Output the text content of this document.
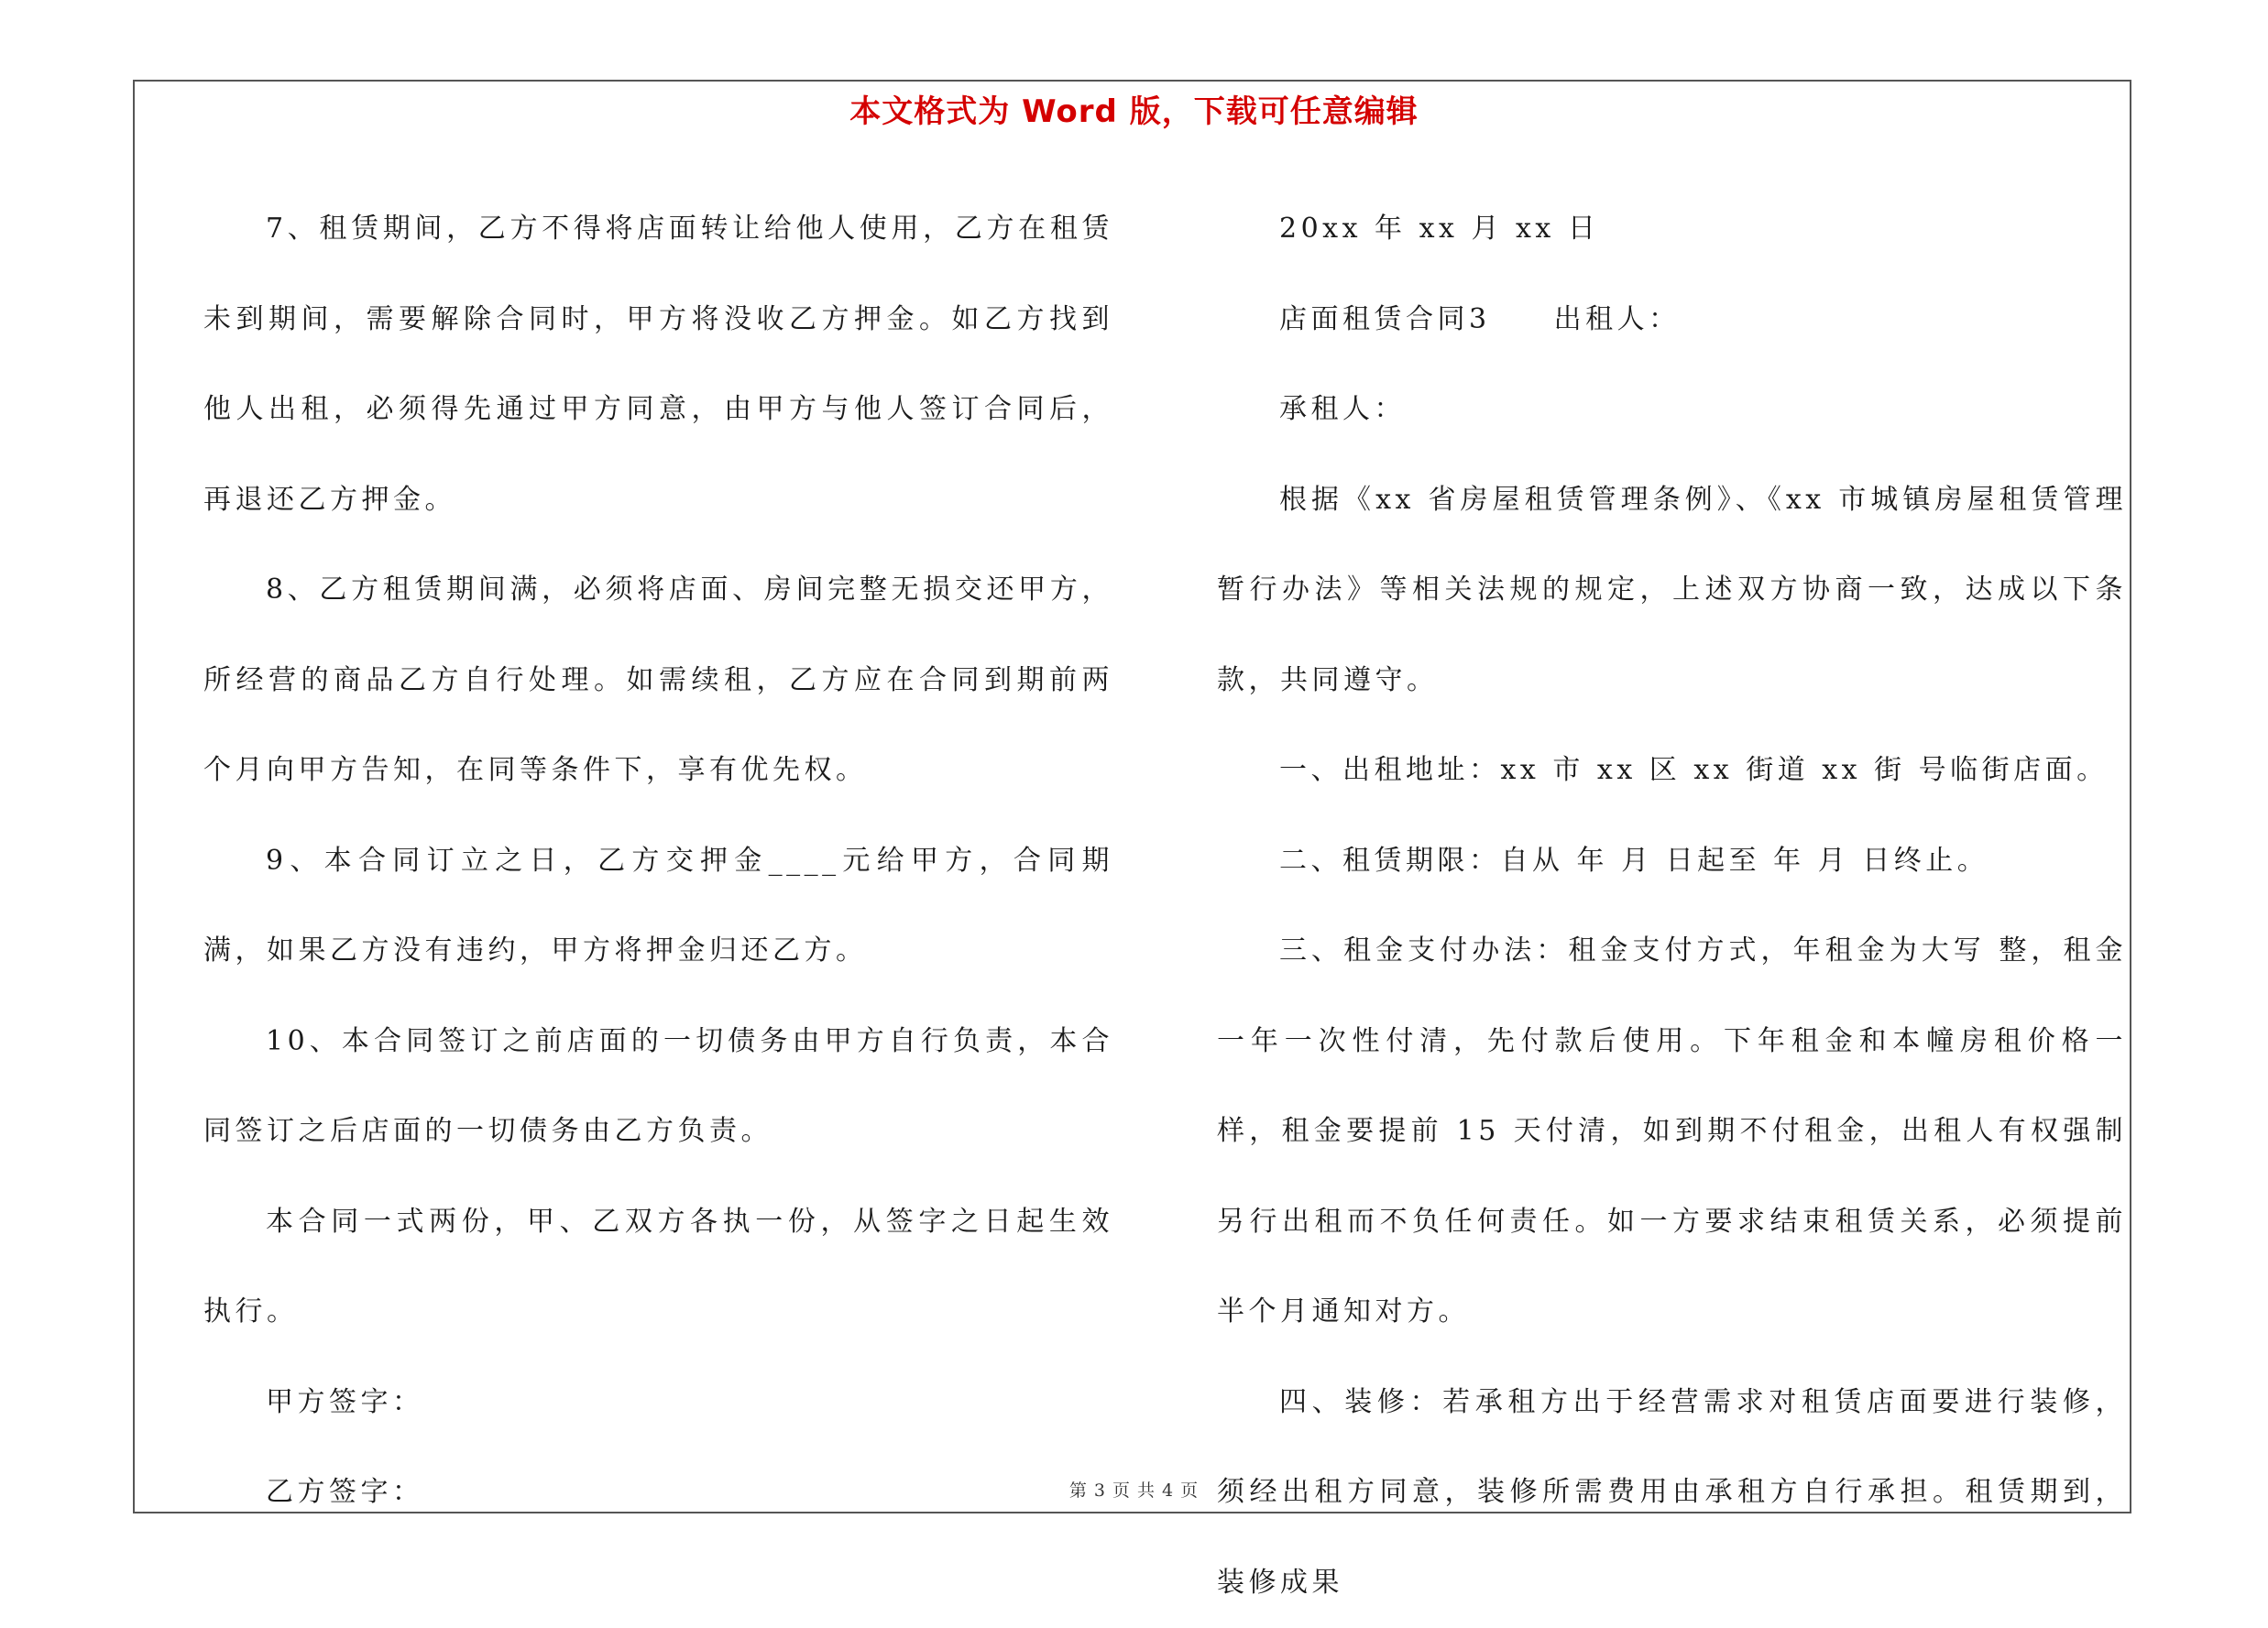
本文格式为 Word 版，下载可任意编辑

7、租赁期间，乙方不得将店面转让给他人使用，乙方在租赁未到期间，需要解除合同时，甲方将没收乙方押金。如乙方找到他人出租，必须得先通过甲方同意，由甲方与他人签订合同后，再退还乙方押金。

8、乙方租赁期间满，必须将店面、房间完整无损交还甲方，所经营的商品乙方自行处理。如需续租，乙方应在合同到期前两个月向甲方告知，在同等条件下，享有优先权。

9、本合同订立之日，乙方交押金____元给甲方，合同期满，如果乙方没有违约，甲方将押金归还乙方。

10、本合同签订之前店面的一切债务由甲方自行负责，本合同签订之后店面的一切债务由乙方负责。

本合同一式两份，甲、乙双方各执一份，从签字之日起生效执行。

甲方签字：

乙方签字：

20xx 年 xx 月 xx 日

店面租赁合同3　　出租人：

承租人：

根据《xx 省房屋租赁管理条例》、《xx 市城镇房屋租赁管理暂行办法》等相关法规的规定，上述双方协商一致，达成以下条款，共同遵守。

一、出租地址：xx 市 xx 区 xx 街道 xx 街 号临街店面。

二、租赁期限：自从 年 月 日起至 年 月 日终止。

三、租金支付办法：租金支付方式，年租金为大写 整，租金一年一次性付清，先付款后使用。下年租金和本幢房租价格一样，租金要提前 15 天付清，如到期不付租金，出租人有权强制另行出租而不负任何责任。如一方要求结束租赁关系，必须提前半个月通知对方。

四、装修：若承租方出于经营需求对租赁店面要进行装修，须经出租方同意，装修所需费用由承租方自行承担。租赁期到，装修成果

第 3 页 共 4 页
